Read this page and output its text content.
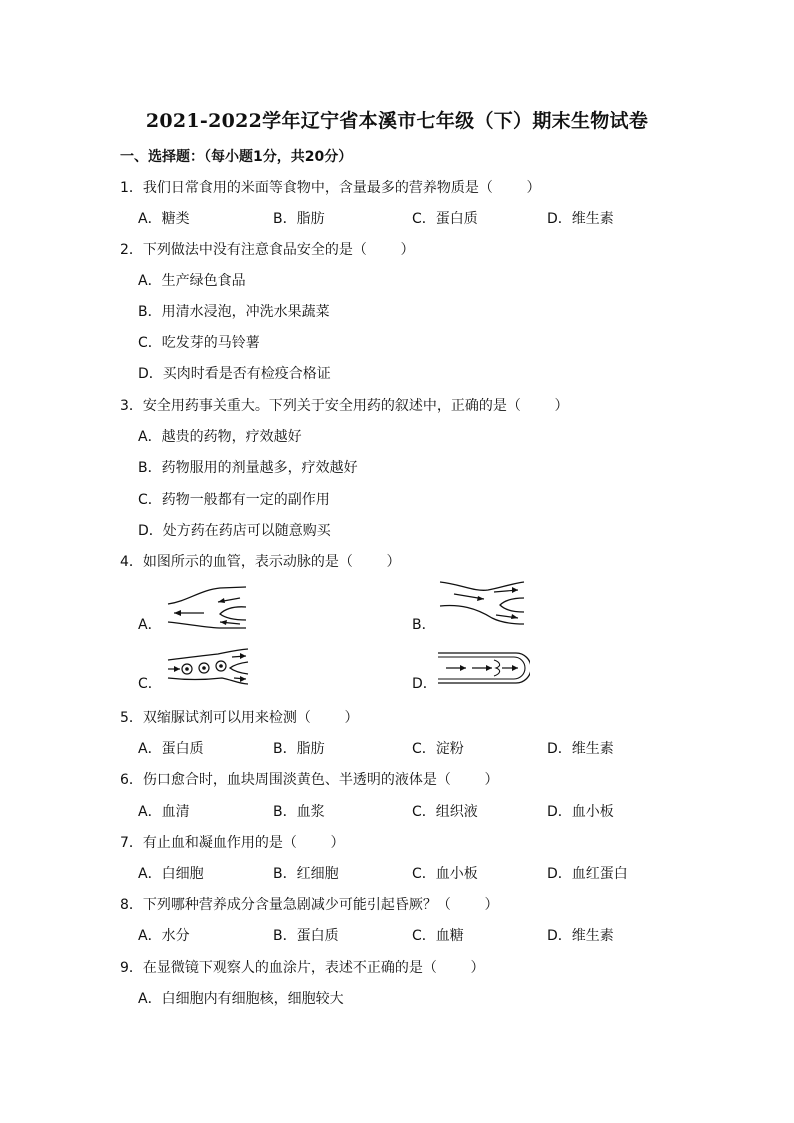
2021-2022学年辽宁省本溪市七年级（下）期末生物试卷
一、选择题：（每小题1分，共20分）
1．我们日常食用的米面等食物中，含量最多的营养物质是（ ）
A．糖类	B．脂肪	C．蛋白质	D．维生素
2．下列做法中没有注意食品安全的是（ ）
A．生产绿色食品
B．用清水浸泡，冲洗水果蔬菜
C．吃发芽的马铃薯
D．买肉时看是否有检疫合格证
3．安全用药事关重大。下列关于安全用药的叙述中，正确的是（ ）
A．越贵的药物，疗效越好
B．药物服用的剂量越多，疗效越好
C．药物一般都有一定的副作用
D．处方药在药店可以随意购买
4．如图所示的血管，表示动脉的是（ ）
A．	B．
C．	D．
5．双缩脲试剂可以用来检测（ ）
A．蛋白质	B．脂肪	C．淀粉	D．维生素
6．伤口愈合时，血块周围淡黄色、半透明的液体是（ ）
A．血清	B．血浆	C．组织液	D．血小板
7．有止血和凝血作用的是（ ）
A．白细胞	B．红细胞	C．血小板	D．血红蛋白
8．下列哪种营养成分含量急剧减少可能引起昏厥？（ ）
A．水分	B．蛋白质	C．血糖	D．维生素
9．在显微镜下观察人的血涂片，表述不正确的是（ ）
A．白细胞内有细胞核，细胞较大
